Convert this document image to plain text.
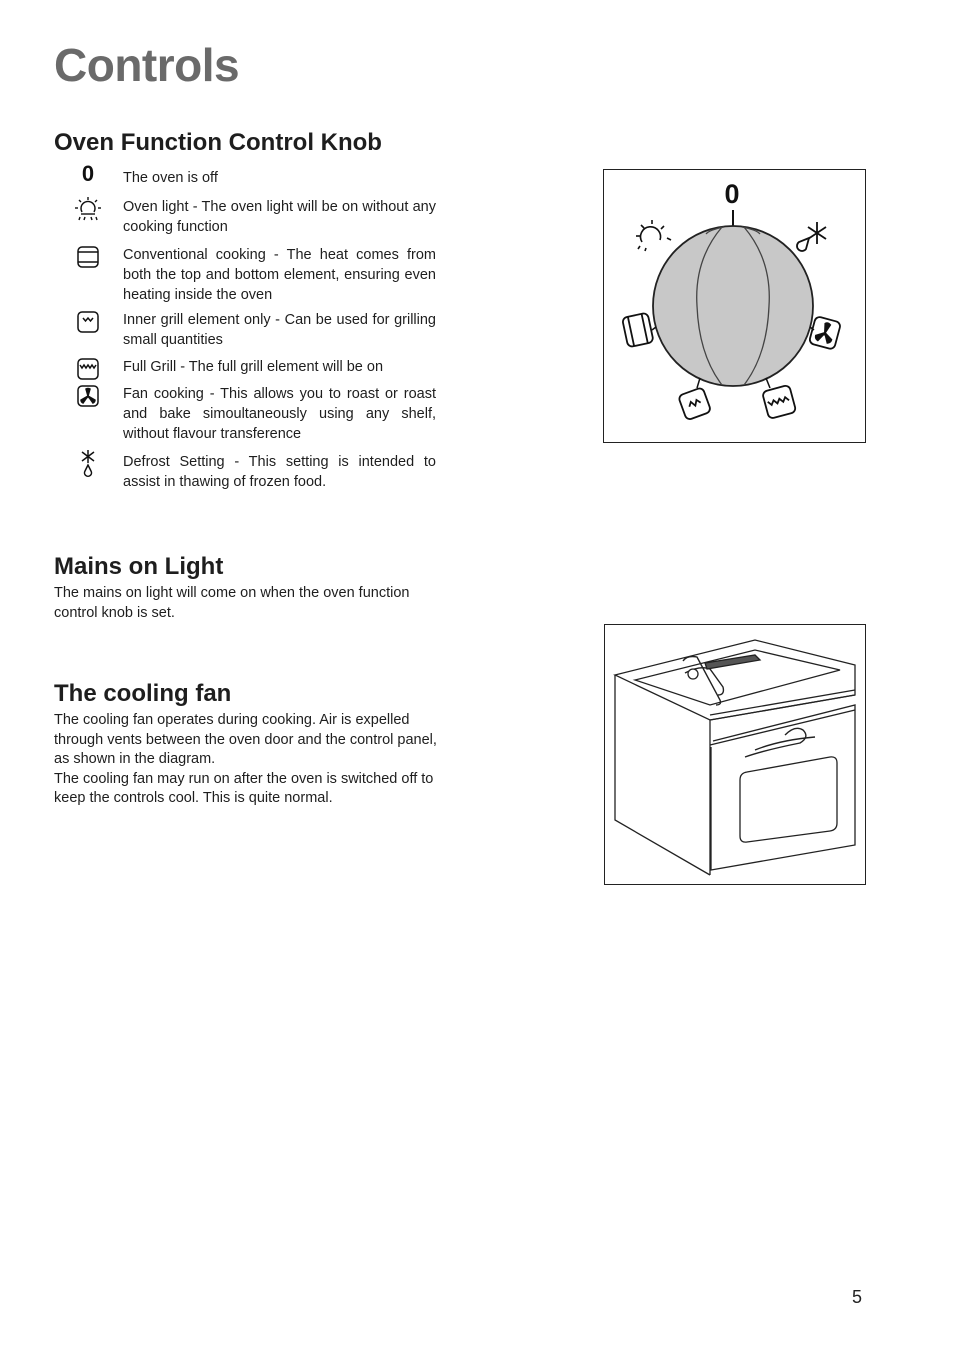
Controls
Oven Function Control Knob
0	The oven is off
Oven light - The oven light will be on without any cooking function
Conventional cooking - The heat comes from both the top and bottom element, ensuring even heating inside the oven
Inner grill element only - Can be used for grilling small quantities
Full Grill - The full grill element will be on
Fan cooking - This allows you to roast or roast and bake simoultaneously using any shelf, without flavour transference
Defrost Setting - This setting is intended to assist in thawing of frozen food.
0
Mains on Light
The mains on light will come on when the oven function control knob is set.
The cooling fan
The cooling fan operates during cooking. Air is expelled through vents between the oven door and the control panel, as shown in the diagram.
The cooling fan may run on after the oven is switched off to keep the controls cool. This is quite normal.
5
